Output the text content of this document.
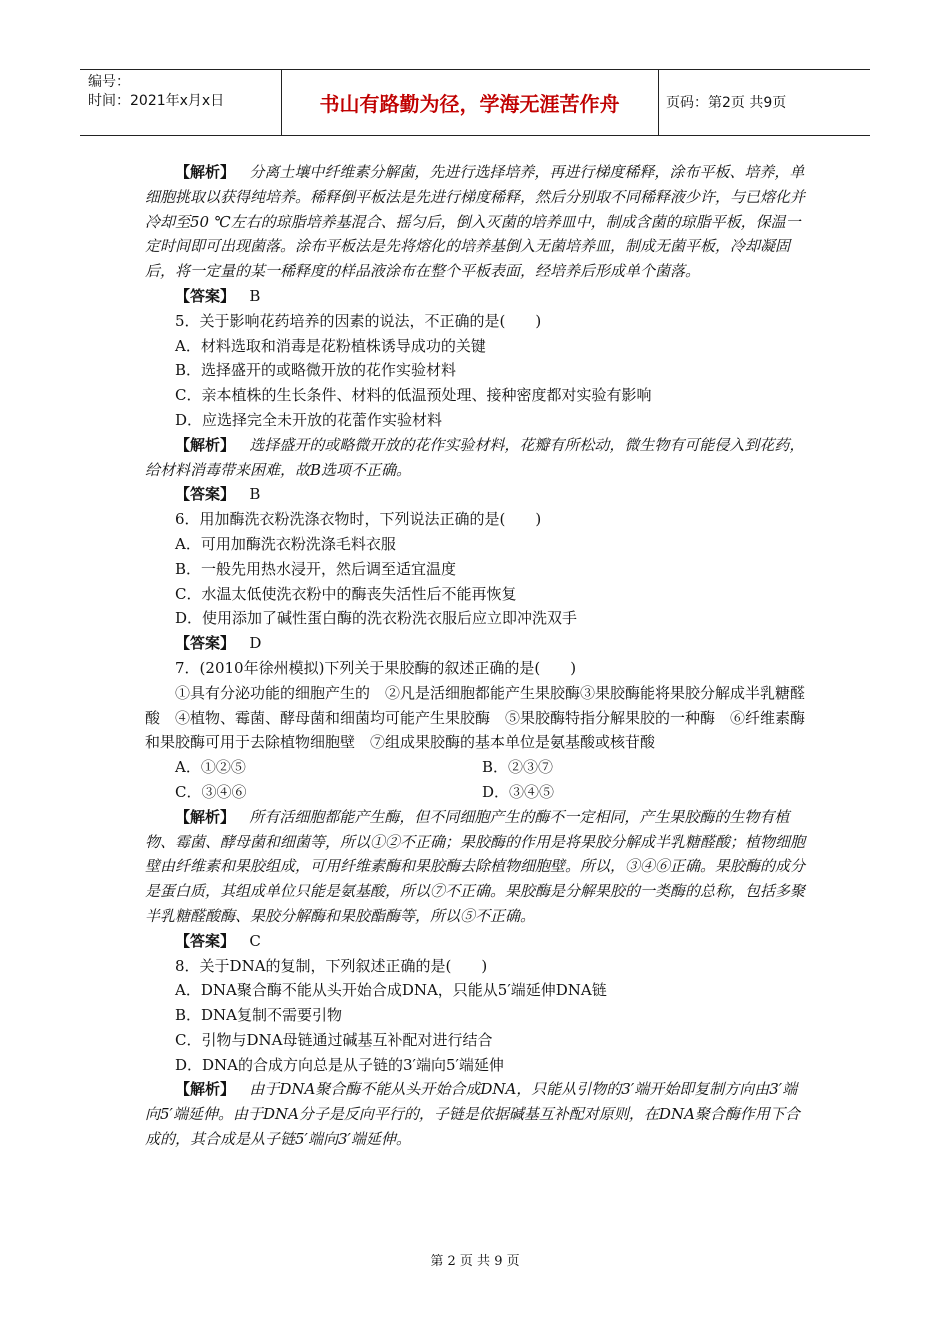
编号：
时间：2021年x月x日	书山有路勤为径，学海无涯苦作舟	页码：第2页 共9页

【解析】 分离土壤中纤维素分解菌，先进行选择培养，再进行梯度稀释，涂布平板、培养，单细胞挑取以获得纯培养。稀释倒平板法是先进行梯度稀释，然后分别取不同稀释液少许，与已熔化并冷却至50 ℃左右的琼脂培养基混合、摇匀后，倒入灭菌的培养皿中，制成含菌的琼脂平板，保温一定时间即可出现菌落。涂布平板法是先将熔化的培养基倒入无菌培养皿，制成无菌平板，冷却凝固后，将一定量的某一稀释度的样品液涂布在整个平板表面，经培养后形成单个菌落。

【答案】 B

5．关于影响花药培养的因素的说法，不正确的是(　　)

A．材料选取和消毒是花粉植株诱导成功的关键

B．选择盛开的或略微开放的花作实验材料

C．亲本植株的生长条件、材料的低温预处理、接种密度都对实验有影响

D．应选择完全未开放的花蕾作实验材料

【解析】 选择盛开的或略微开放的花作实验材料，花瓣有所松动，微生物有可能侵入到花药，给材料消毒带来困难，故B选项不正确。

【答案】 B

6．用加酶洗衣粉洗涤衣物时，下列说法正确的是(　　)

A．可用加酶洗衣粉洗涤毛料衣服

B．一般先用热水浸开，然后调至适宜温度

C．水温太低使洗衣粉中的酶丧失活性后不能再恢复

D．使用添加了碱性蛋白酶的洗衣粉洗衣服后应立即冲洗双手

【答案】 D

7．(2010年徐州模拟)下列关于果胶酶的叙述正确的是(　　)

①具有分泌功能的细胞产生的　②凡是活细胞都能产生果胶酶③果胶酶能将果胶分解成半乳糖醛酸　④植物、霉菌、酵母菌和细菌均可能产生果胶酶　⑤果胶酶特指分解果胶的一种酶　⑥纤维素酶和果胶酶可用于去除植物细胞壁　⑦组成果胶酶的基本单位是氨基酸或核苷酸

A．①②⑤	B．②③⑦
C．③④⑥	D．③④⑤

【解析】 所有活细胞都能产生酶，但不同细胞产生的酶不一定相同，产生果胶酶的生物有植物、霉菌、酵母菌和细菌等，所以①②不正确；果胶酶的作用是将果胶分解成半乳糖醛酸；植物细胞壁由纤维素和果胶组成，可用纤维素酶和果胶酶去除植物细胞壁。所以，③④⑥正确。果胶酶的成分是蛋白质，其组成单位只能是氨基酸，所以⑦不正确。果胶酶是分解果胶的一类酶的总称，包括多聚半乳糖醛酸酶、果胶分解酶和果胶酯酶等，所以⑤不正确。

【答案】 C

8．关于DNA的复制，下列叙述正确的是(　　)

A．DNA聚合酶不能从头开始合成DNA，只能从5′端延伸DNA链

B．DNA复制不需要引物

C．引物与DNA母链通过碱基互补配对进行结合

D．DNA的合成方向总是从子链的3′端向5′端延伸

【解析】 由于DNA聚合酶不能从头开始合成DNA，只能从引物的3′端开始即复制方向由3′端向5′端延伸。由于DNA分子是反向平行的，子链是依据碱基互补配对原则，在DNA聚合酶作用下合成的，其合成是从子链5′端向3′端延伸。

第 2 页 共 9 页
